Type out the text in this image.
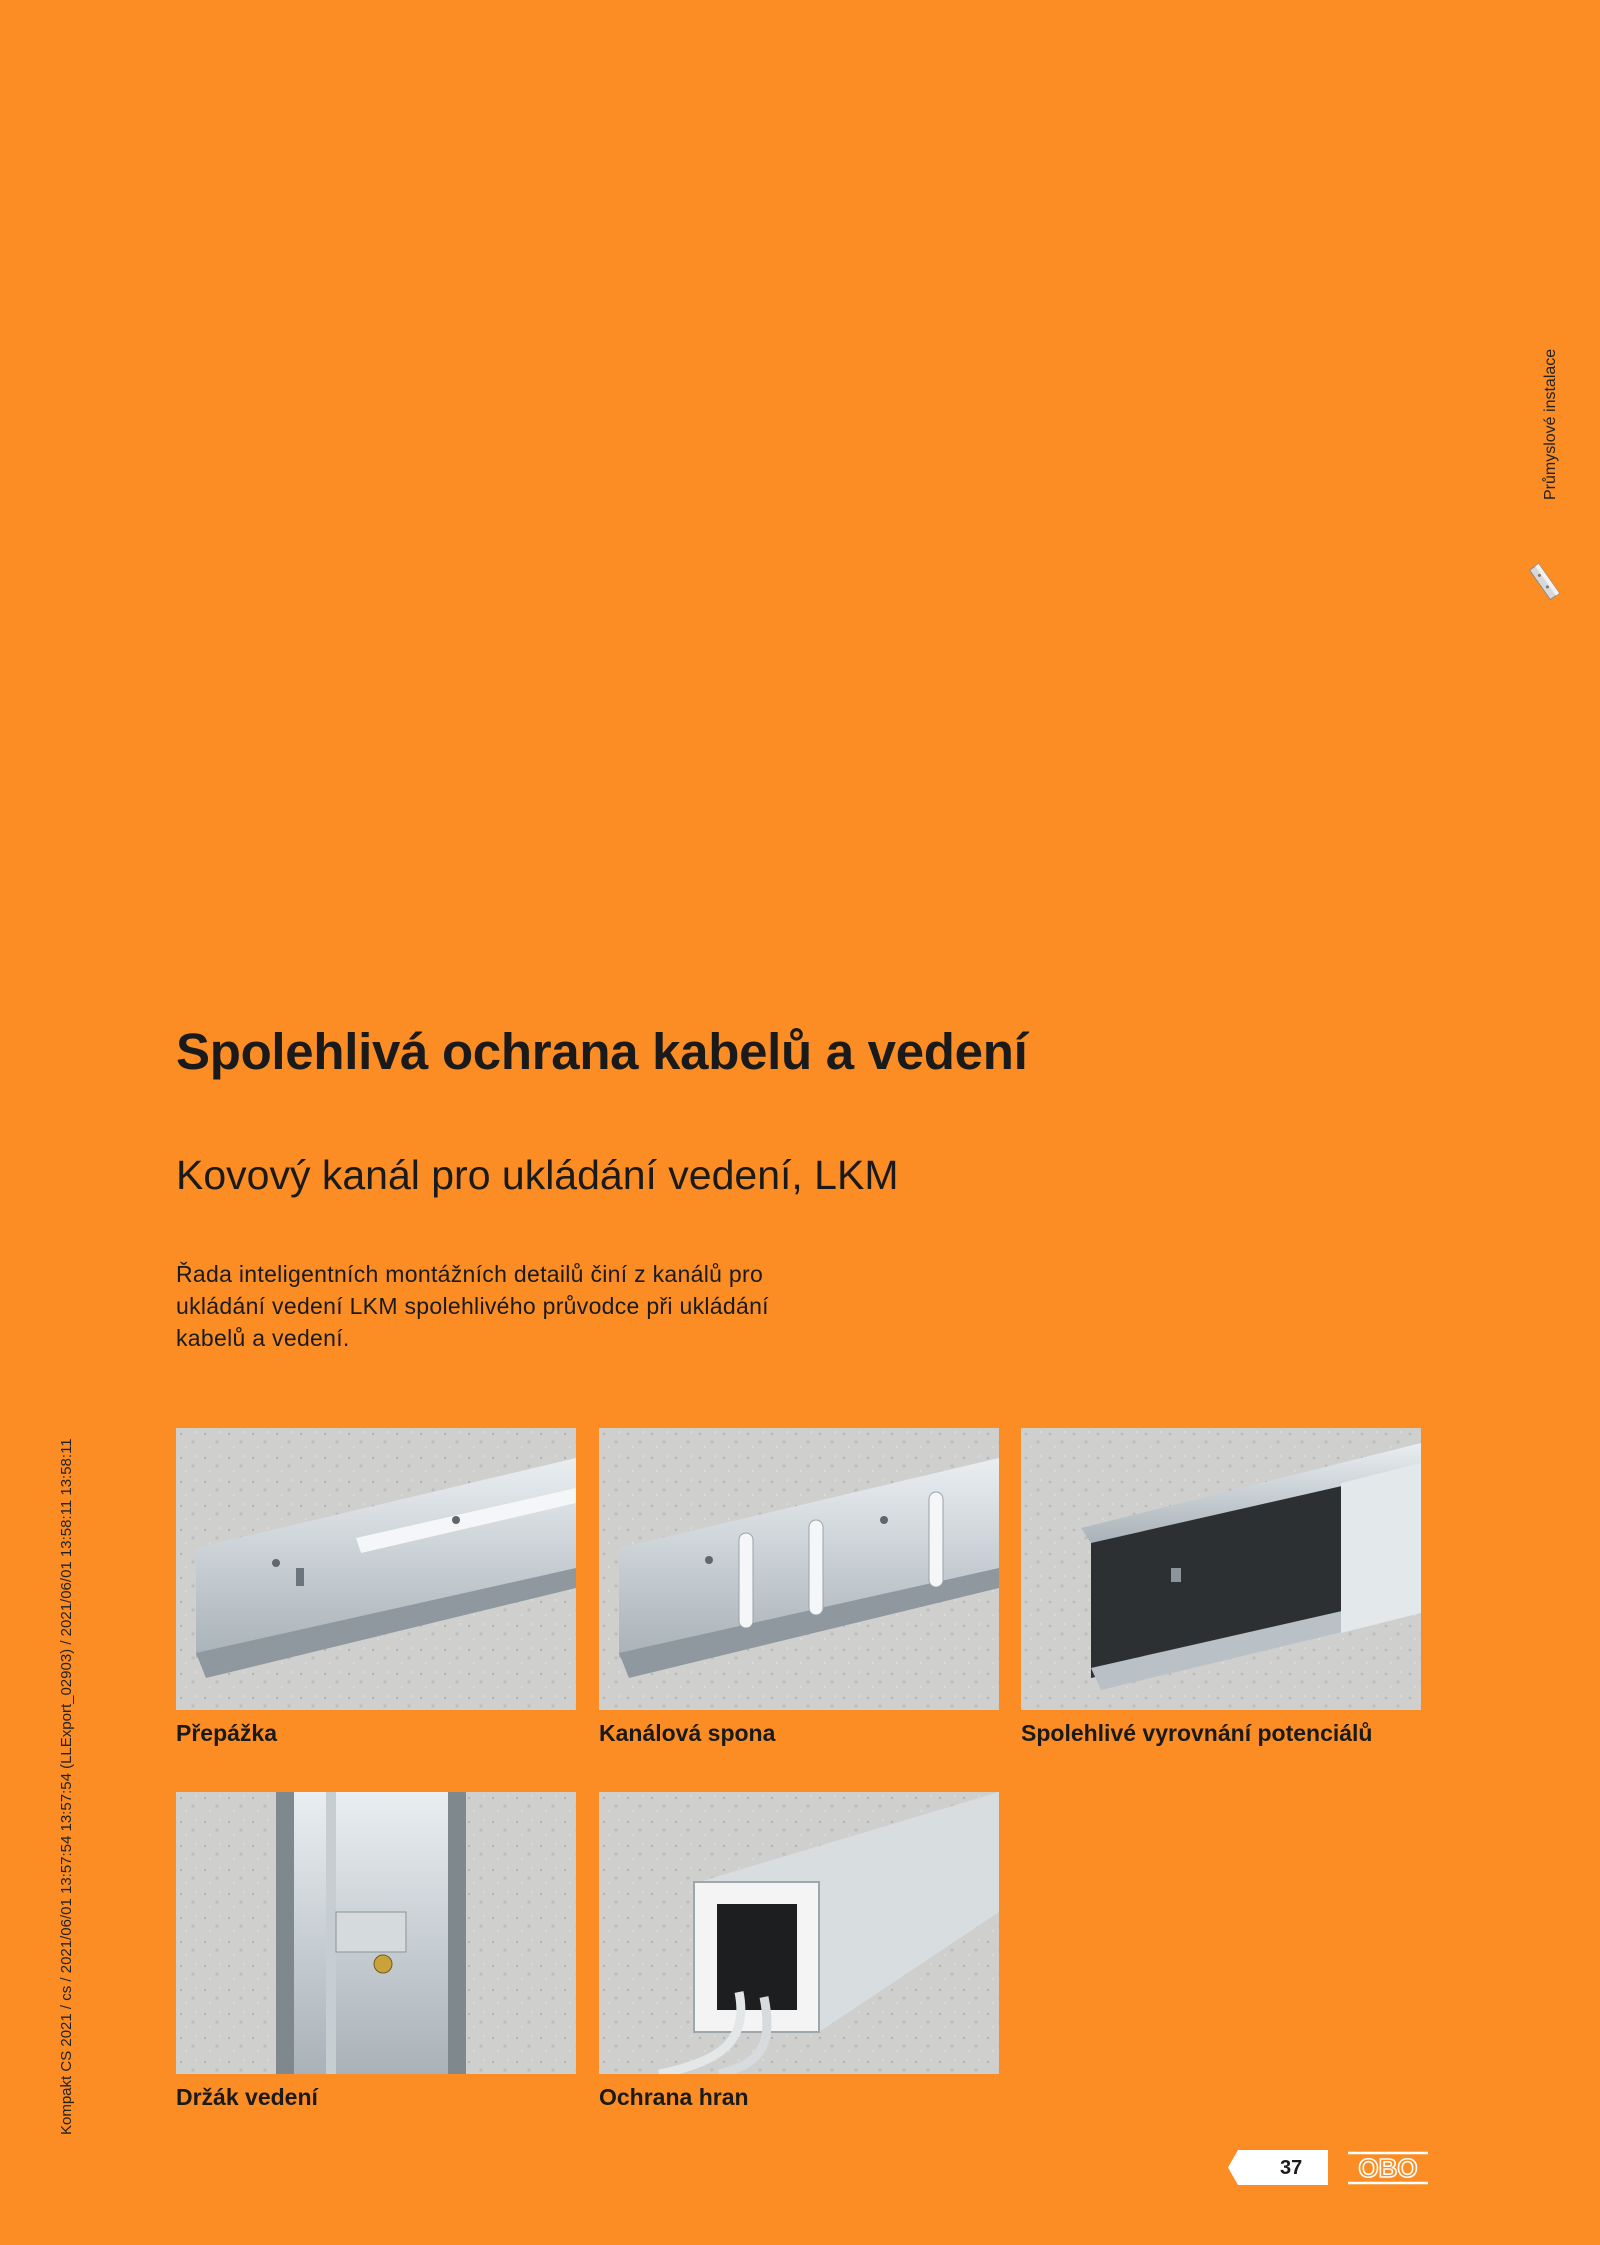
Průmyslové instalace
Kompakt CS 2021 / cs / 2021/06/01 13:57:54 13:57:54 (LLExport_02903) / 2021/06/01 13:58:11 13:58:11
Spolehlivá ochrana kabelů a vedení
Kovový kanál pro ukládání vedení, LKM

Řada inteligentních montážních detailů činí z kanálů pro ukládání vedení LKM spolehlivého průvodce při ukládání kabelů a vedení.

Přepážka	Kanálová spona	Spolehlivé vyrovnání potenciálů
Držák vedení	Ochrana hran
37 OBO
